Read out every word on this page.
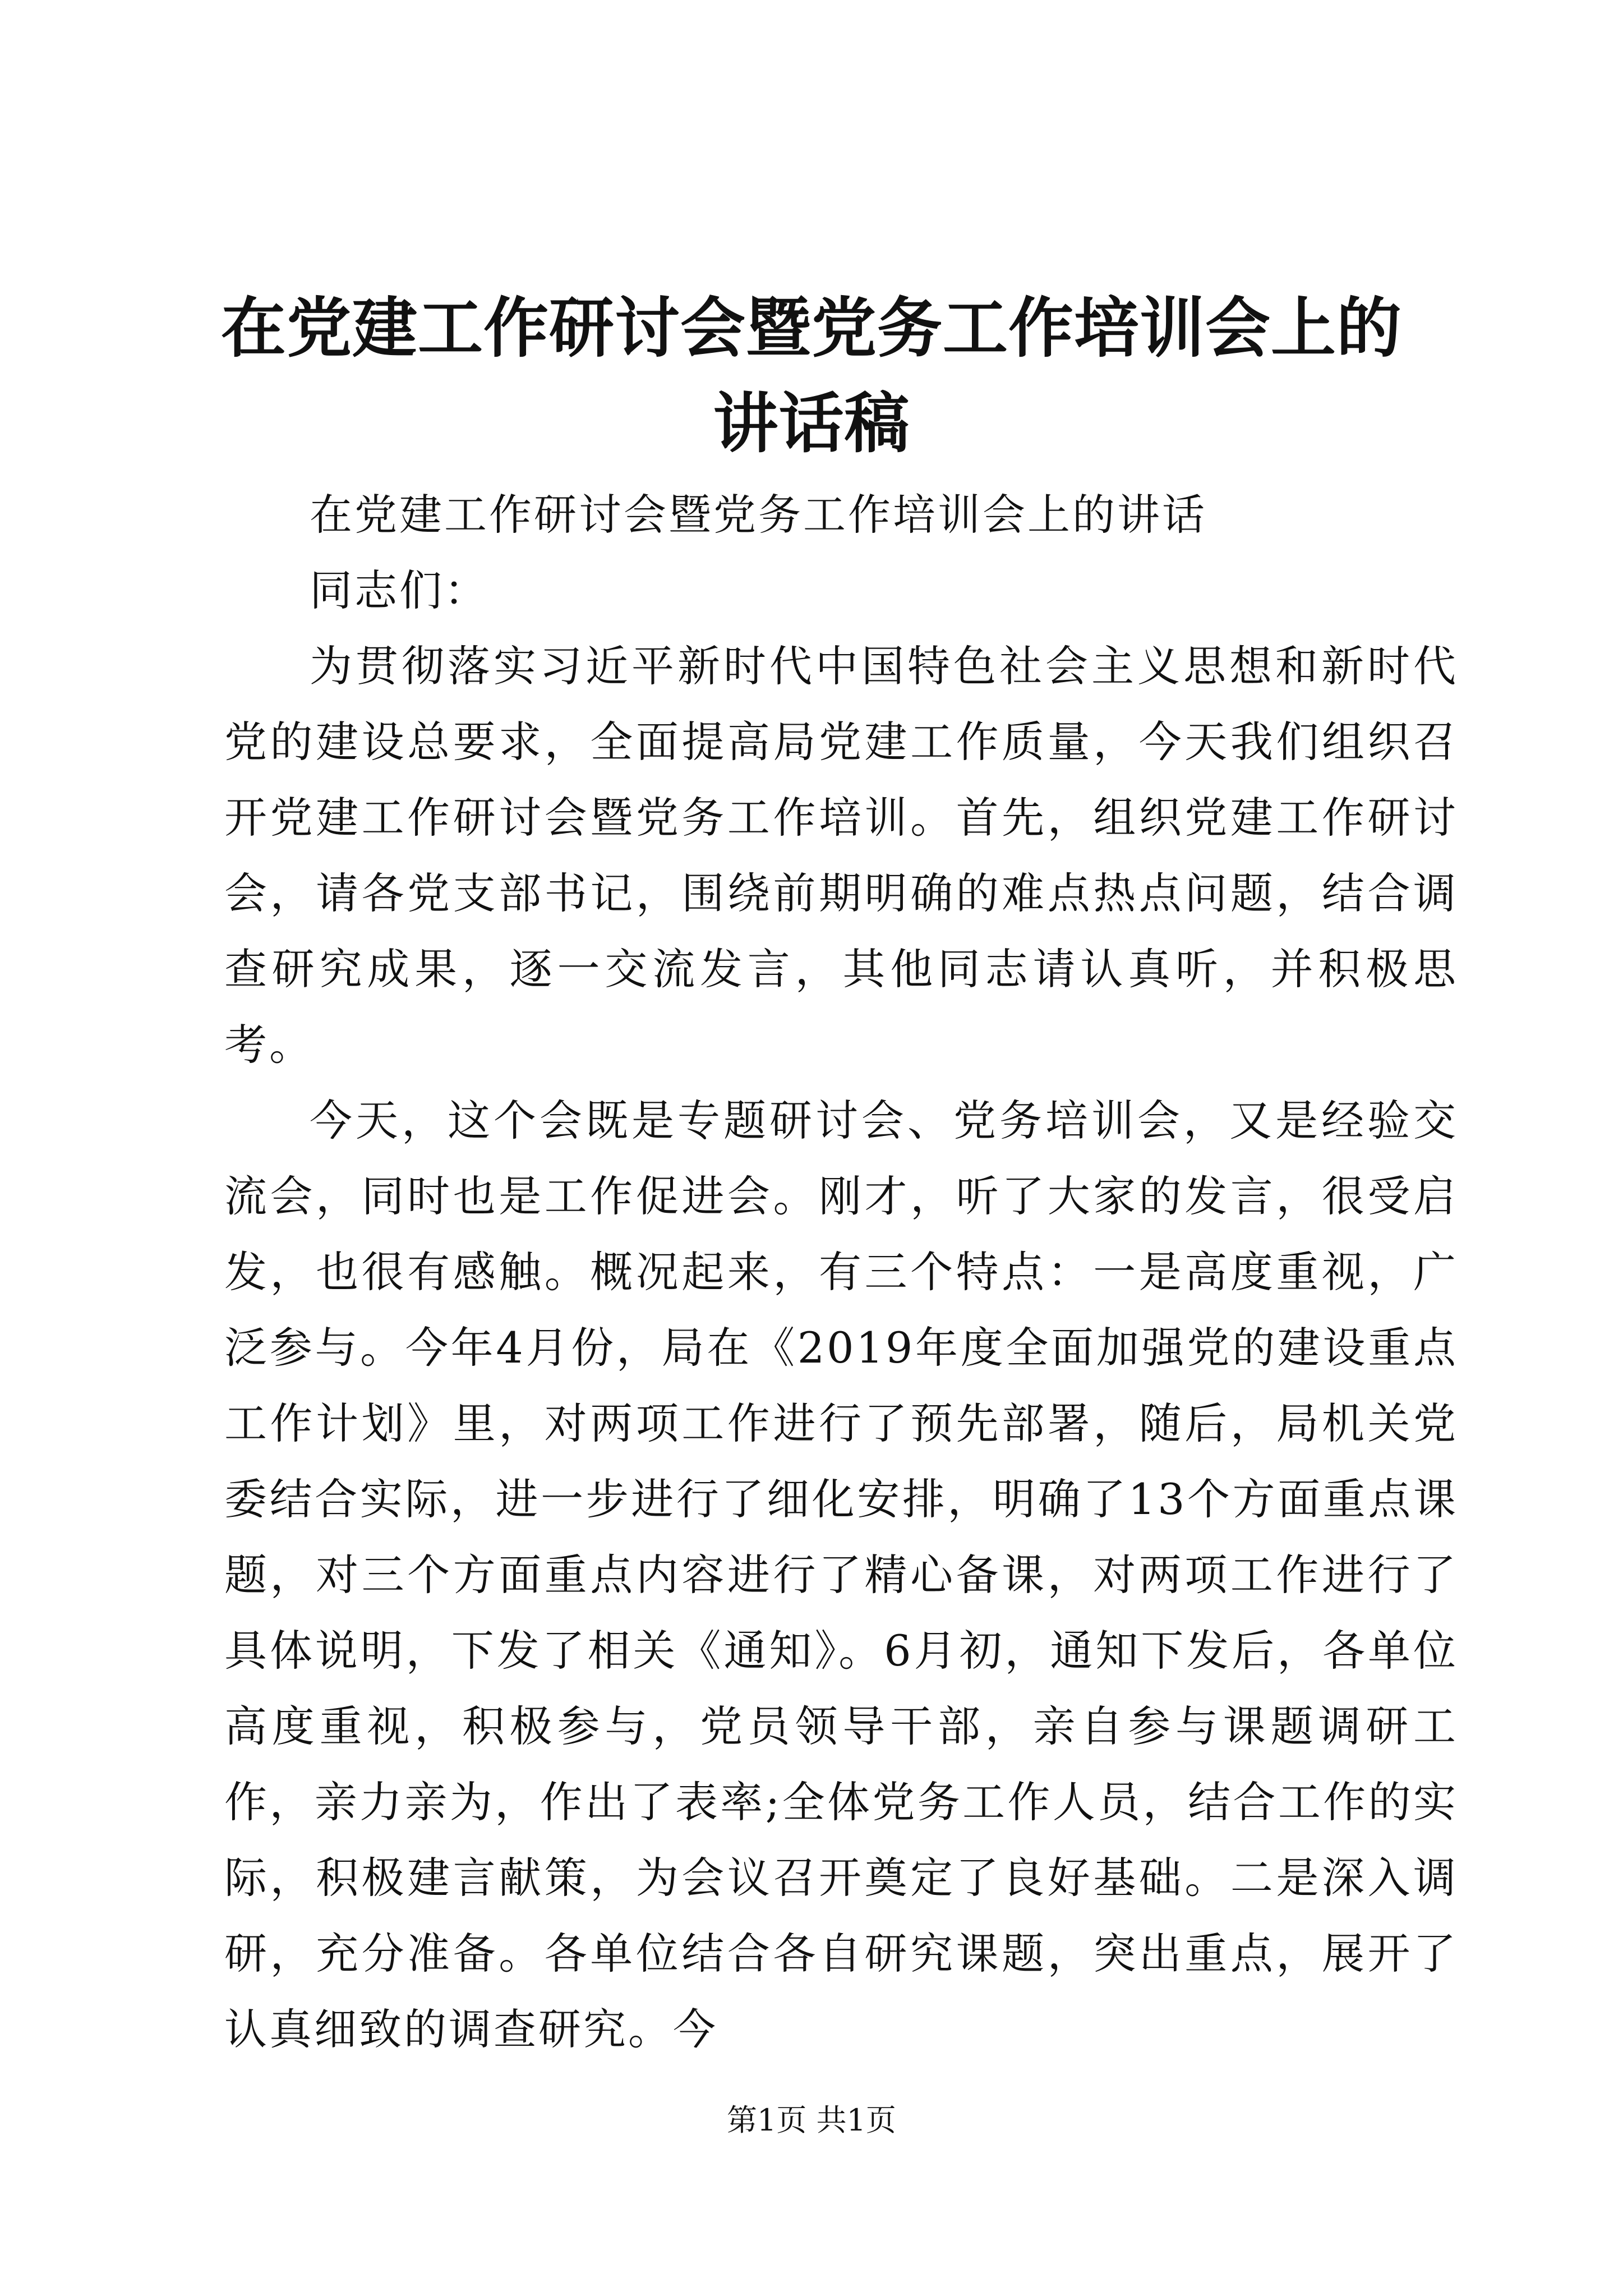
在党建工作研讨会暨党务工作培训会上的讲话稿

在党建工作研讨会暨党务工作培训会上的讲话

同志们：

为贯彻落实习近平新时代中国特色社会主义思想和新时代党的建设总要求，全面提高局党建工作质量，今天我们组织召开党建工作研讨会暨党务工作培训。首先，组织党建工作研讨会，请各党支部书记，围绕前期明确的难点热点问题，结合调查研究成果，逐一交流发言，其他同志请认真听，并积极思考。

今天，这个会既是专题研讨会、党务培训会，又是经验交流会，同时也是工作促进会。刚才，听了大家的发言，很受启发，也很有感触。概况起来，有三个特点：一是高度重视，广泛参与。今年4月份，局在《2019年度全面加强党的建设重点工作计划》里，对两项工作进行了预先部署，随后，局机关党委结合实际，进一步进行了细化安排，明确了13个方面重点课题，对三个方面重点内容进行了精心备课，对两项工作进行了具体说明，下发了相关《通知》。6月初，通知下发后，各单位高度重视，积极参与，党员领导干部，亲自参与课题调研工作，亲力亲为，作出了表率;全体党务工作人员，结合工作的实际，积极建言献策，为会议召开奠定了良好基础。二是深入调研，充分准备。各单位结合各自研究课题，突出重点，展开了认真细致的调查研究。今

第1页 共1页
